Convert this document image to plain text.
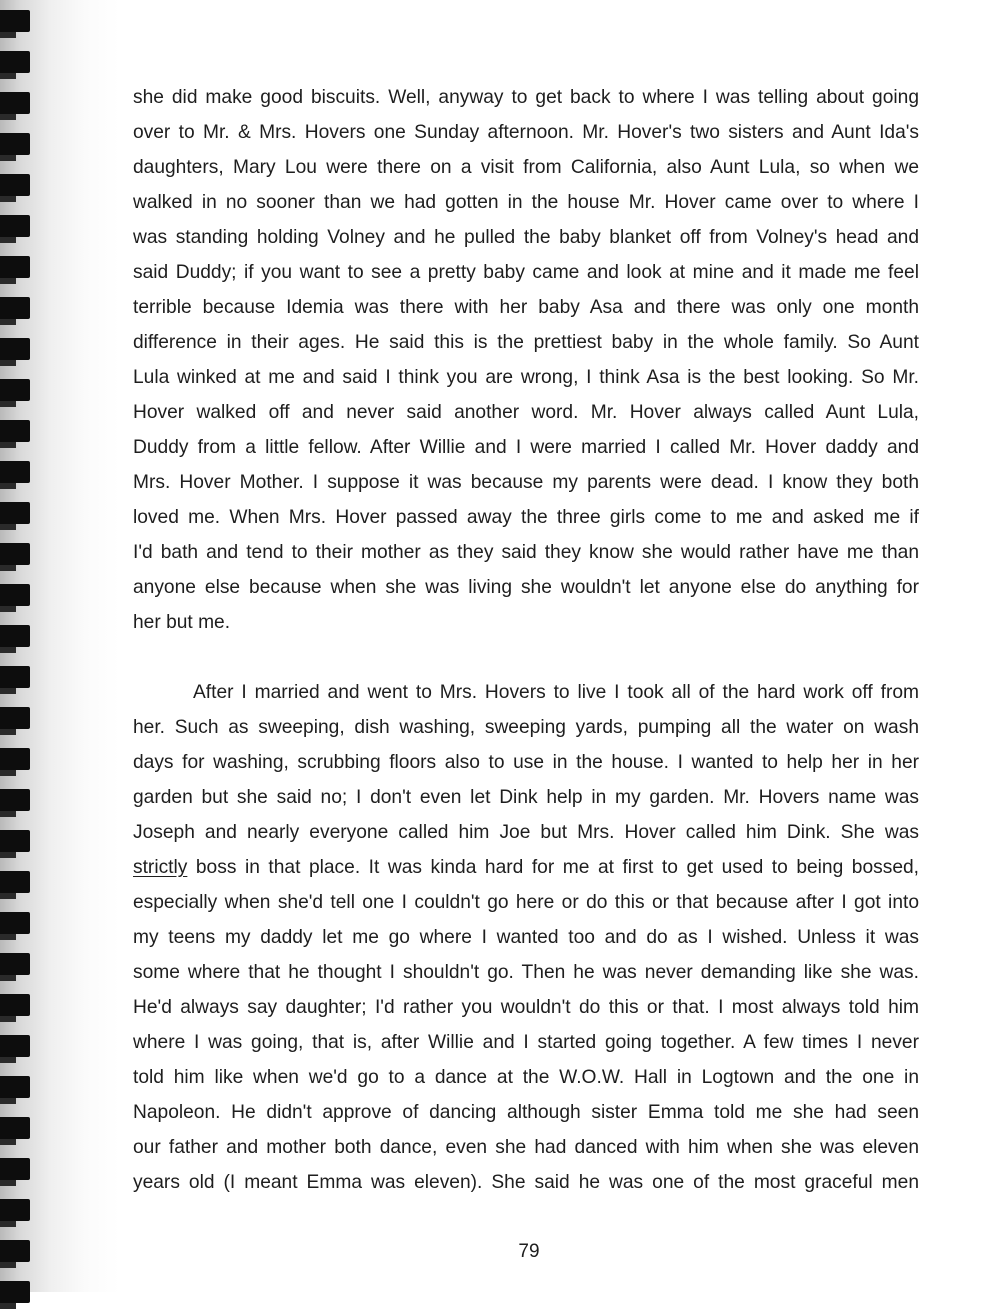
she did make good biscuits. Well, anyway to get back to where I was telling about going
over to Mr. & Mrs. Hovers one Sunday afternoon. Mr. Hover's two sisters and Aunt Ida's
daughters, Mary Lou were there on a visit from California, also Aunt Lula, so when we
walked in no sooner than we had gotten in the house Mr. Hover came over to where I
was standing holding Volney and he pulled the baby blanket off from Volney's head and
said Duddy; if you want to see a pretty baby came and look at mine and it made me feel
terrible because Idemia was there with her baby Asa and there was only one month
difference in their ages. He said this is the prettiest baby in the whole family. So Aunt
Lula winked at me and said I think you are wrong, I think Asa is the best looking. So Mr.
Hover walked off and never said another word. Mr. Hover always called Aunt Lula,
Duddy from a little fellow. After Willie and I were married I called Mr. Hover daddy and
Mrs. Hover Mother. I suppose it was because my parents were dead. I know they both
loved me. When Mrs. Hover passed away the three girls come to me and asked me if
I'd bath and tend to their mother as they said they know she would rather have me than
anyone else because when she was living she wouldn't let anyone else do anything for
her but me.
After I married and went to Mrs. Hovers to live I took all of the hard work off from
her. Such as sweeping, dish washing, sweeping yards, pumping all the water on wash
days for washing, scrubbing floors also to use in the house. I wanted to help her in her
garden but she said no; I don't even let Dink help in my garden. Mr. Hovers name was
Joseph and nearly everyone called him Joe but Mrs. Hover called him Dink. She was
strictly boss in that place. It was kinda hard for me at first to get used to being bossed,
especially when she'd tell one I couldn't go here or do this or that because after I got into
my teens my daddy let me go where I wanted too and do as I wished. Unless it was
some where that he thought I shouldn't go. Then he was never demanding like she was.
He'd always say daughter; I'd rather you wouldn't do this or that. I most always told him
where I was going, that is, after Willie and I started going together. A few times I never
told him like when we'd go to a dance at the W.O.W. Hall in Logtown and the one in
Napoleon. He didn't approve of dancing although sister Emma told me she had seen
our father and mother both dance, even she had danced with him when she was eleven
years old (I meant Emma was eleven). She said he was one of the most graceful men
79
